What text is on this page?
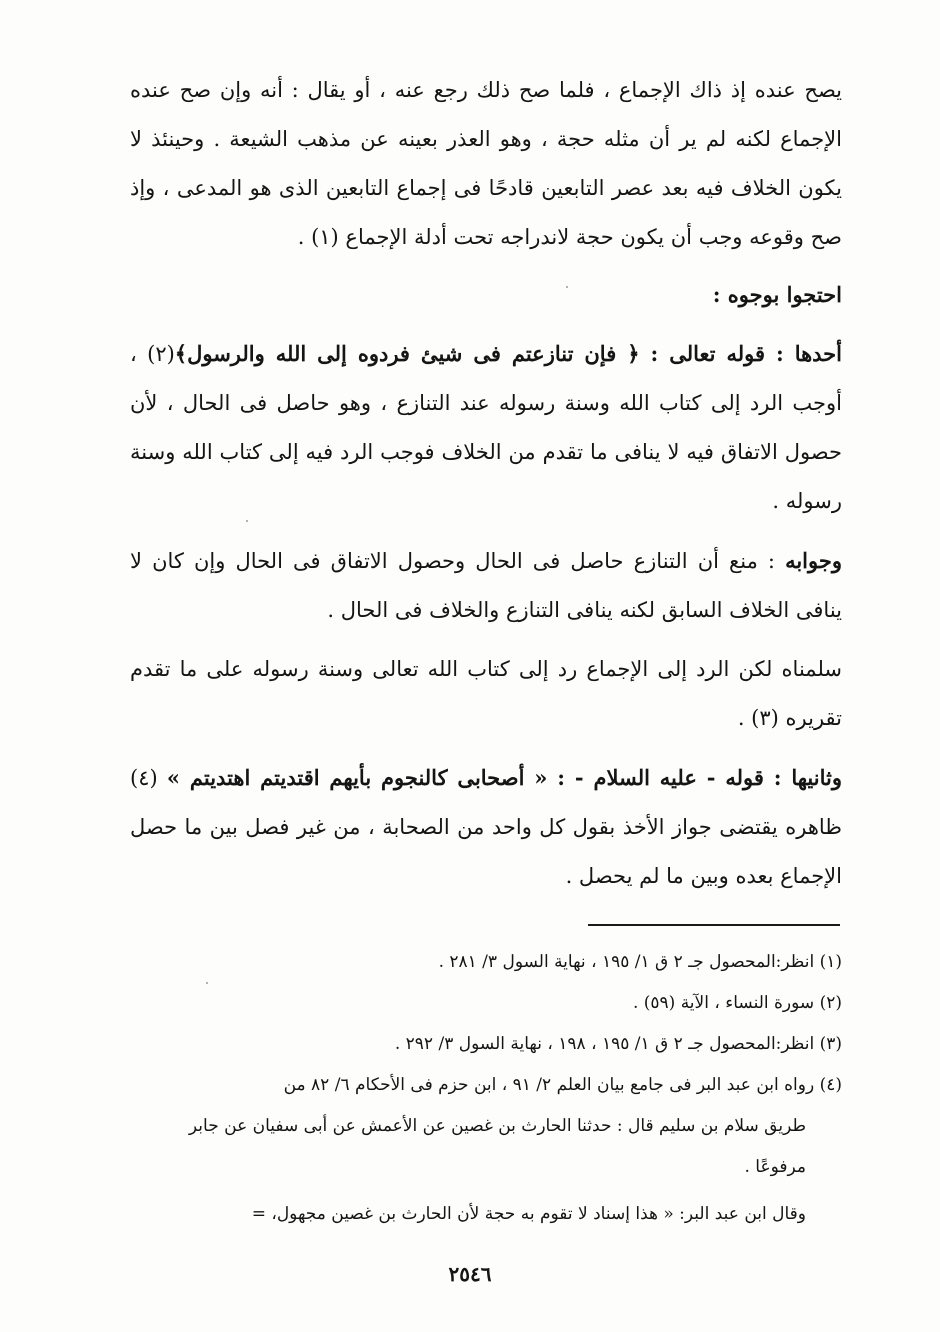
يصح عنده إذ ذاك الإجماع ، فلما صح ذلك رجع عنه ، أو يقال : أنه وإن صح عنده الإجماع لكنه لم ير أن مثله حجة ، وهو العذر بعينه عن مذهب الشيعة . وحينئذ لا يكون الخلاف فيه بعد عصر التابعين قادحًا فى إجماع التابعين الذى هو المدعى ، وإذ صح وقوعه وجب أن يكون حجة لاندراجه تحت أدلة الإجماع (١) .

احتجوا بوجوه :

أحدها : قوله تعالى : ﴿ فإن تنازعتم فى شيئ فردوه إلى الله والرسول﴾(٢) ، أوجب الرد إلى كتاب الله وسنة رسوله عند التنازع ، وهو حاصل فى الحال ، لأن حصول الاتفاق فيه لا ينافى ما تقدم من الخلاف فوجب الرد فيه إلى كتاب الله وسنة رسوله .

وجوابه : منع أن التنازع حاصل فى الحال وحصول الاتفاق فى الحال وإن كان لا ينافى الخلاف السابق لكنه ينافى التنازع والخلاف فى الحال .

سلمناه لكن الرد إلى الإجماع رد إلى كتاب الله تعالى وسنة رسوله على ما تقدم تقريره (٣) .

وثانيها : قوله - عليه السلام - : « أصحابى كالنجوم بأيهم اقتديتم اهتديتم » (٤) ظاهره يقتضى جواز الأخذ بقول كل واحد من الصحابة ، من غير فصل بين ما حصل الإجماع بعده وبين ما لم يحصل .

(١) انظر:المحصول جـ ٢ ق ١/ ١٩٥ ، نهاية السول ٣/ ٢٨١ .

(٢) سورة النساء ، الآية (٥٩) .

(٣) انظر:المحصول جـ ٢ ق ١/ ١٩٥ ، ١٩٨ ، نهاية السول ٣/ ٢٩٢ .

(٤) رواه ابن عبد البر فى جامع بيان العلم ٢/ ٩١ ، ابن حزم فى الأحكام ٦/ ٨٢ من

طريق سلام بن سليم قال : حدثنا الحارث بن غصين عن الأعمش عن أبى سفيان عن جابر مرفوعًا .

وقال ابن عبد البر: « هذا إسناد لا تقوم به حجة لأن الحارث بن غصين مجهول، =

٢٥٤٦
